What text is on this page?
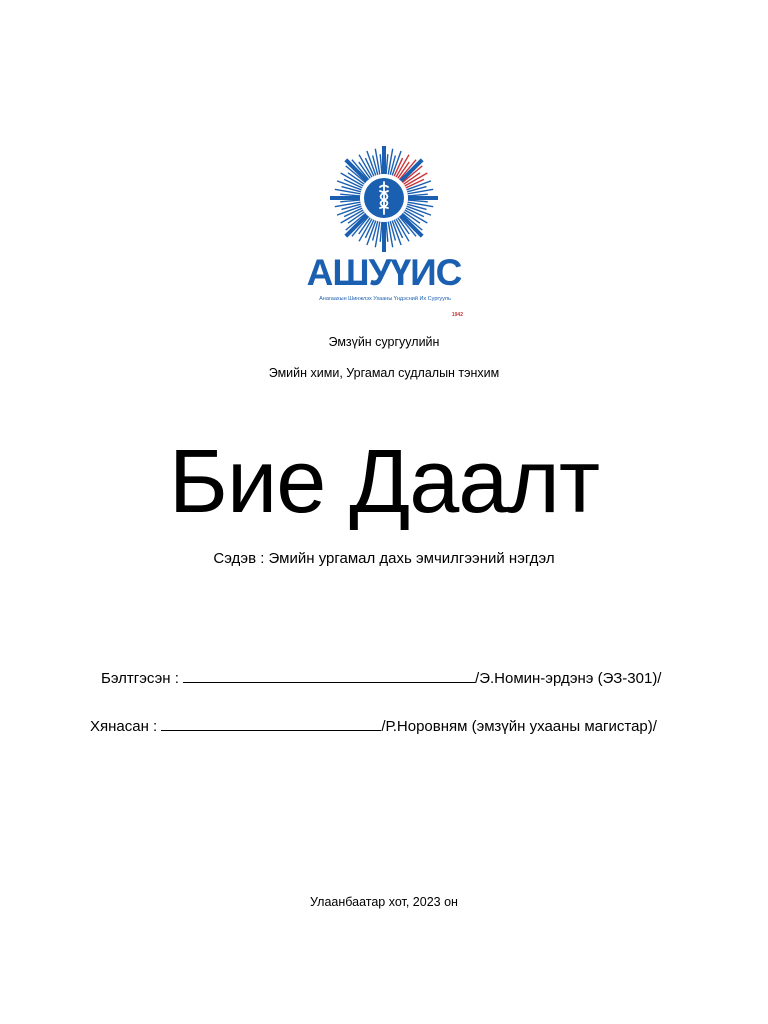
АШУҮИС
Анагаахын Шинжлэх Ухааны Үндэсний Их Сургууль
1942
Эмзүйн сургуулийн
Эмийн хими, Ургамал судлалын тэнхим
Бие Даалт
Сэдэв : Эмийн ургамал дахь эмчилгээний нэгдэл
Бэлтгэсэн :	/Э.Номин-эрдэнэ (ЭЗ-301)/
Хянасан :	/Р.Норовням (эмзүйн ухааны магистар)/
Улаанбаатар хот, 2023 он
